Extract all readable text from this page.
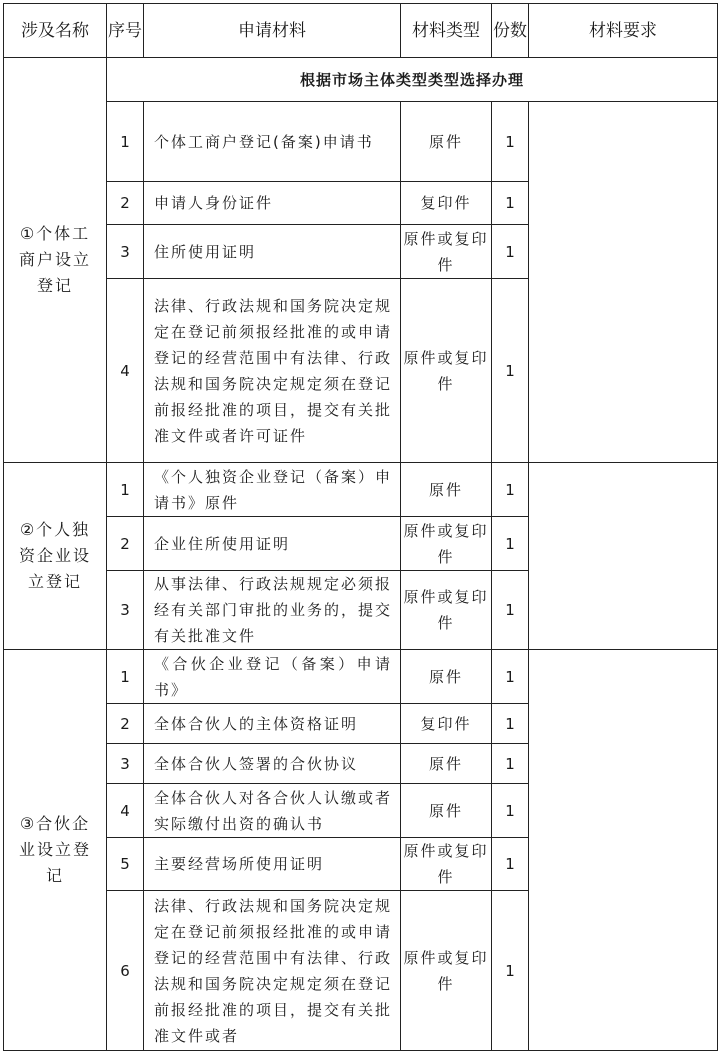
涉及名称	序号	申请材料	材料类型	份数	材料要求
①个体工商户设立登记	根据市场主体类型类型选择办理				
	1	个体工商户登记(备案)申请书	原件	1	
	2	申请人身份证件	复印件	1	
	3	住所使用证明	原件或复印件	1	
	4	法律、行政法规和国务院决定规定在登记前须报经批准的或申请登记的经营范围中有法律、行政法规和国务院决定规定须在登记前报经批准的项目，提交有关批准文件或者许可证件	原件或复印件	1	
②个人独资企业设立登记	1	《个人独资企业登记（备案）申请书》原件	原件	1	
	2	企业住所使用证明	原件或复印件	1	
	3	从事法律、行政法规规定必须报经有关部门审批的业务的，提交有关批准文件	原件或复印件	1	
③合伙企业设立登记	1	《合伙企业登记（备案）申请书》	原件	1	
	2	全体合伙人的主体资格证明	复印件	1	
	3	全体合伙人签署的合伙协议	原件	1	
	4	全体合伙人对各合伙人认缴或者实际缴付出资的确认书	原件	1	
	5	主要经营场所使用证明	原件或复印件	1	
	6	法律、行政法规和国务院决定规定在登记前须报经批准的或申请登记的经营范围中有法律、行政法规和国务院决定规定须在登记前报经批准的项目，提交有关批准文件或者	原件或复印件	1	
